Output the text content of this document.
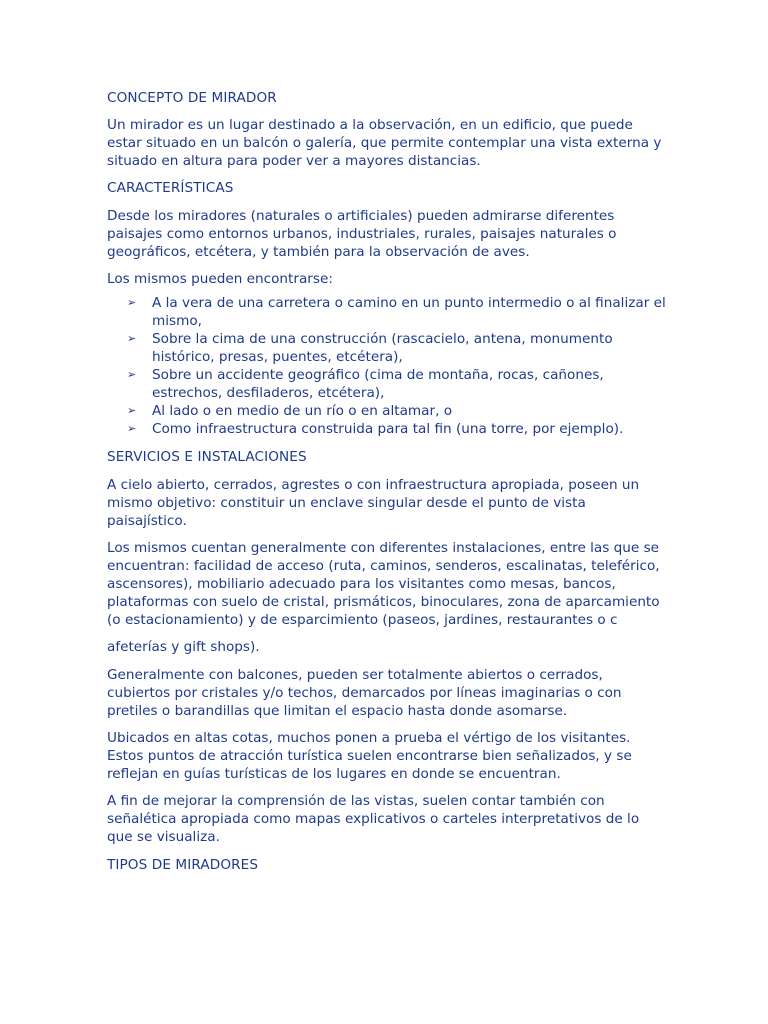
CONCEPTO DE MIRADOR

Un mirador es un lugar destinado a la observación, en un edificio, que puede estar situado en un balcón o galería, que permite contemplar una vista externa y situado en altura para poder ver a mayores distancias.

CARACTERÍSTICAS

Desde los miradores (naturales o artificiales) pueden admirarse diferentes paisajes como entornos urbanos, industriales, rurales, paisajes naturales o geográficos, etcétera, y también para la observación de aves.

Los mismos pueden encontrarse:

➢	A la vera de una carretera o camino en un punto intermedio o al finalizar el mismo,
➢	Sobre la cima de una construcción (rascacielo, antena, monumento histórico, presas, puentes, etcétera),
➢	Sobre un accidente geográfico (cima de montaña, rocas, cañones, estrechos, desfiladeros, etcétera),
➢	Al lado o en medio de un río o en altamar, o
➢	Como infraestructura construida para tal fin (una torre, por ejemplo).
SERVICIOS E INSTALACIONES

A cielo abierto, cerrados, agrestes o con infraestructura apropiada, poseen un mismo objetivo: constituir un enclave singular desde el punto de vista paisajístico.

Los mismos cuentan generalmente con diferentes instalaciones, entre las que se encuentran: facilidad de acceso (ruta, caminos, senderos, escalinatas, teleférico, ascensores), mobiliario adecuado para los visitantes como mesas, bancos, plataformas con suelo de cristal, prismáticos, binoculares, zona de aparcamiento (o estacionamiento) y de esparcimiento (paseos, jardines, restaurantes o c

afeterías y gift shops).

Generalmente con balcones, pueden ser totalmente abiertos o cerrados, cubiertos por cristales y/o techos, demarcados por líneas imaginarias o con pretiles o barandillas que limitan el espacio hasta donde asomarse.

Ubicados en altas cotas, muchos ponen a prueba el vértigo de los visitantes. Estos puntos de atracción turística suelen encontrarse bien señalizados, y se reflejan en guías turísticas de los lugares en donde se encuentran.

A fin de mejorar la comprensión de las vistas, suelen contar también con señalética apropiada como mapas explicativos o carteles interpretativos de lo que se visualiza.

TIPOS DE MIRADORES
